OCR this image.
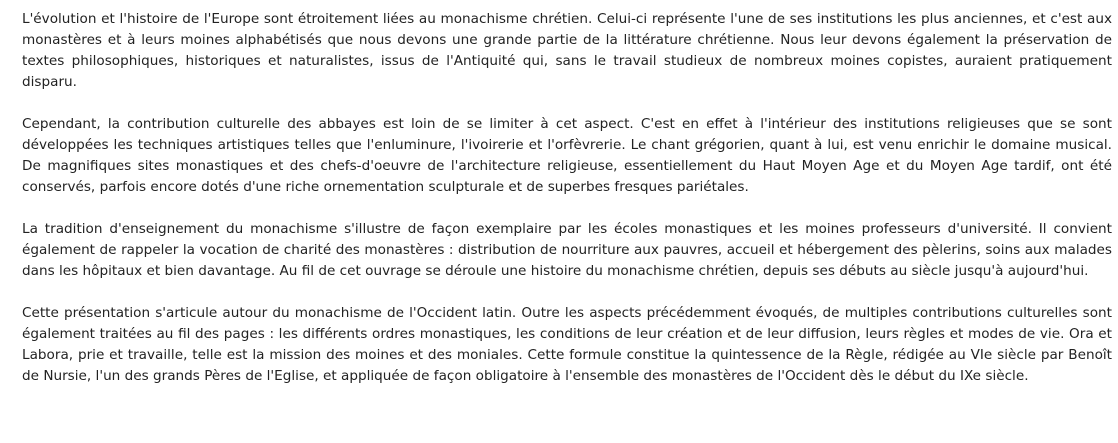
L'évolution et l'histoire de l'Europe sont étroitement liées au monachisme chrétien. Celui-ci représente l'une de ses institutions les plus anciennes, et c'est aux monastères et à leurs moines alphabétisés que nous devons une grande partie de la littérature chrétienne. Nous leur devons également la préservation de textes philosophiques, historiques et naturalistes, issus de l'Antiquité qui, sans le travail studieux de nombreux moines copistes, auraient pratiquement disparu.

Cependant, la contribution culturelle des abbayes est loin de se limiter à cet aspect. C'est en effet à l'intérieur des institutions religieuses que se sont développées les techniques artistiques telles que l'enluminure, l'ivoirerie et l'orfèvrerie. Le chant grégorien, quant à lui, est venu enrichir le domaine musical. De magnifiques sites monastiques et des chefs-d'oeuvre de l'architecture religieuse, essentiellement du Haut Moyen Age et du Moyen Age tardif, ont été conservés, parfois encore dotés d'une riche ornementation sculpturale et de superbes fresques pariétales.

La tradition d'enseignement du monachisme s'illustre de façon exemplaire par les écoles monastiques et les moines professeurs d'université. Il convient également de rappeler la vocation de charité des monastères : distribution de nourriture aux pauvres, accueil et hébergement des pèlerins, soins aux malades dans les hôpitaux et bien davantage. Au fil de cet ouvrage se déroule une histoire du monachisme chrétien, depuis ses débuts au siècle jusqu'à aujourd'hui.

Cette présentation s'articule autour du monachisme de l'Occident latin. Outre les aspects précédemment évoqués, de multiples contributions culturelles sont également traitées au fil des pages : les différents ordres monastiques, les conditions de leur création et de leur diffusion, leurs règles et modes de vie. Ora et Labora, prie et travaille, telle est la mission des moines et des moniales. Cette formule constitue la quintessence de la Règle, rédigée au VIe siècle par Benoît de Nursie, l'un des grands Pères de l'Eglise, et appliquée de façon obligatoire à l'ensemble des monastères de l'Occident dès le début du IXe siècle.
